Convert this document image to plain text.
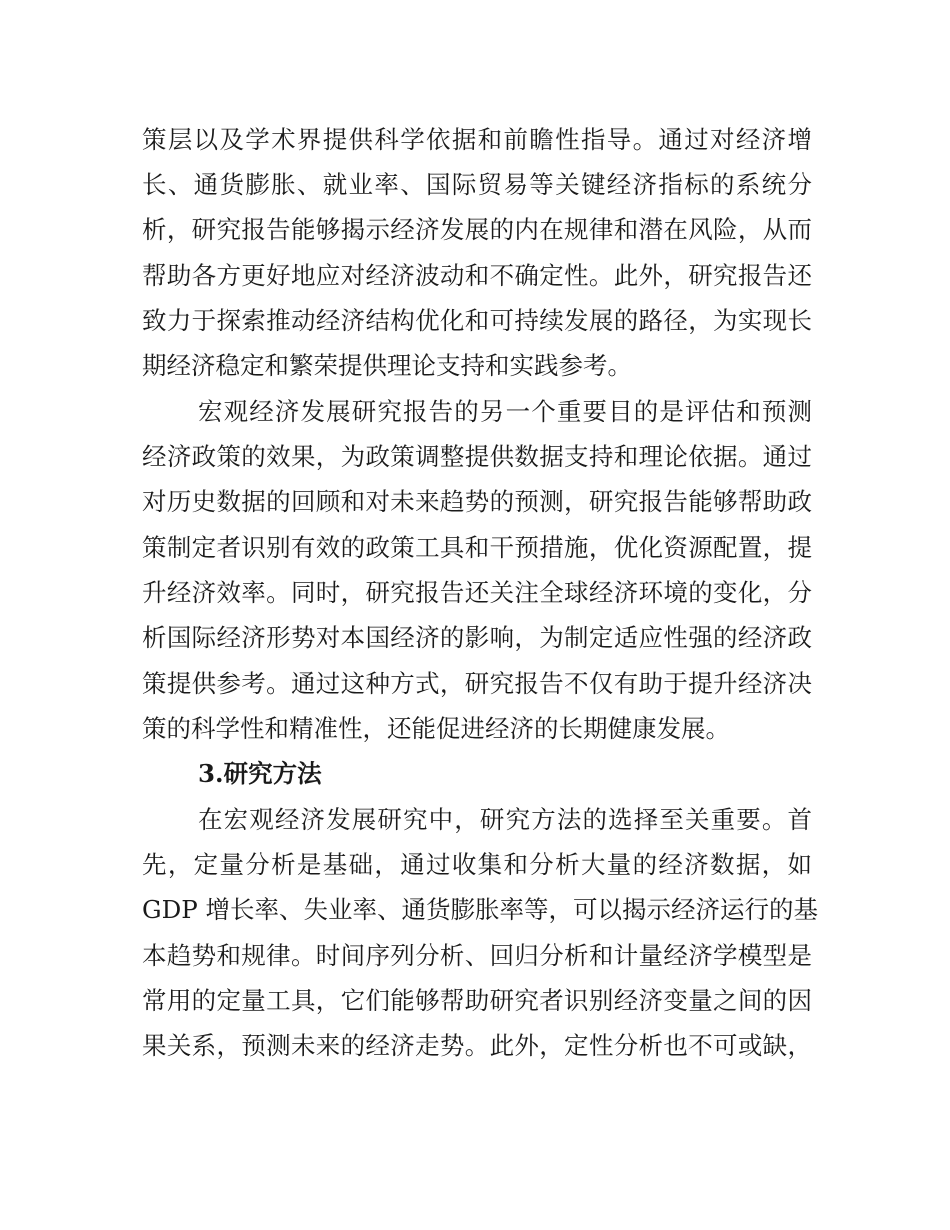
策层以及学术界提供科学依据和前瞻性指导。通过对经济增
长、通货膨胀、就业率、国际贸易等关键经济指标的系统分
析，研究报告能够揭示经济发展的内在规律和潜在风险，从而
帮助各方更好地应对经济波动和不确定性。此外，研究报告还
致力于探索推动经济结构优化和可持续发展的路径，为实现长
期经济稳定和繁荣提供理论支持和实践参考。
宏观经济发展研究报告的另一个重要目的是评估和预测
经济政策的效果，为政策调整提供数据支持和理论依据。通过
对历史数据的回顾和对未来趋势的预测，研究报告能够帮助政
策制定者识别有效的政策工具和干预措施，优化资源配置，提
升经济效率。同时，研究报告还关注全球经济环境的变化，分
析国际经济形势对本国经济的影响，为制定适应性强的经济政
策提供参考。通过这种方式，研究报告不仅有助于提升经济决
策的科学性和精准性，还能促进经济的长期健康发展。
3.研究方法
在宏观经济发展研究中，研究方法的选择至关重要。首
先，定量分析是基础，通过收集和分析大量的经济数据，如
GDP 增长率、失业率、通货膨胀率等，可以揭示经济运行的基
本趋势和规律。时间序列分析、回归分析和计量经济学模型是
常用的定量工具，它们能够帮助研究者识别经济变量之间的因
果关系，预测未来的经济走势。此外，定性分析也不可或缺，
